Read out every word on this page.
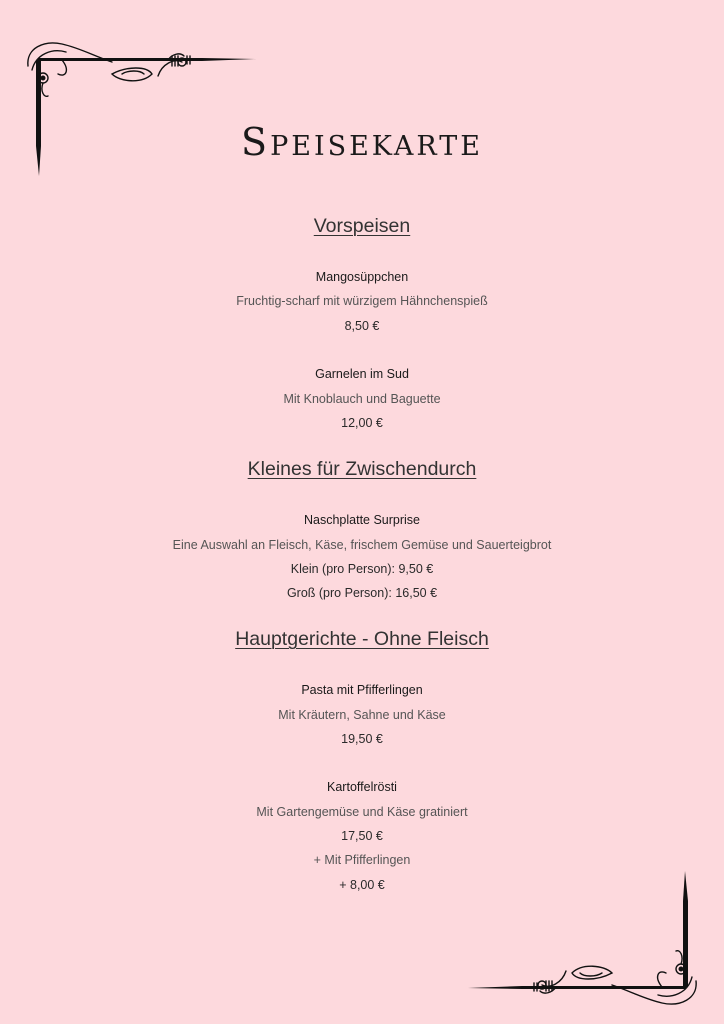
Speisekarte
Vorspeisen
Mangosüppchen
Fruchtig-scharf mit würzigem Hähnchenspieß
8,50 €
Garnelen im Sud
Mit Knoblauch und Baguette
12,00 €
Kleines für Zwischendurch
Naschplatte Surprise
Eine Auswahl an Fleisch, Käse, frischem Gemüse und Sauerteigbrot
Klein (pro Person): 9,50 €
Groß (pro Person): 16,50 €
Hauptgerichte - Ohne Fleisch
Pasta mit Pfifferlingen
Mit Kräutern, Sahne und Käse
19,50 €
Kartoffelrösti
Mit Gartengemüse und Käse gratiniert
17,50 €
+ Mit Pfifferlingen
+ 8,00 €
